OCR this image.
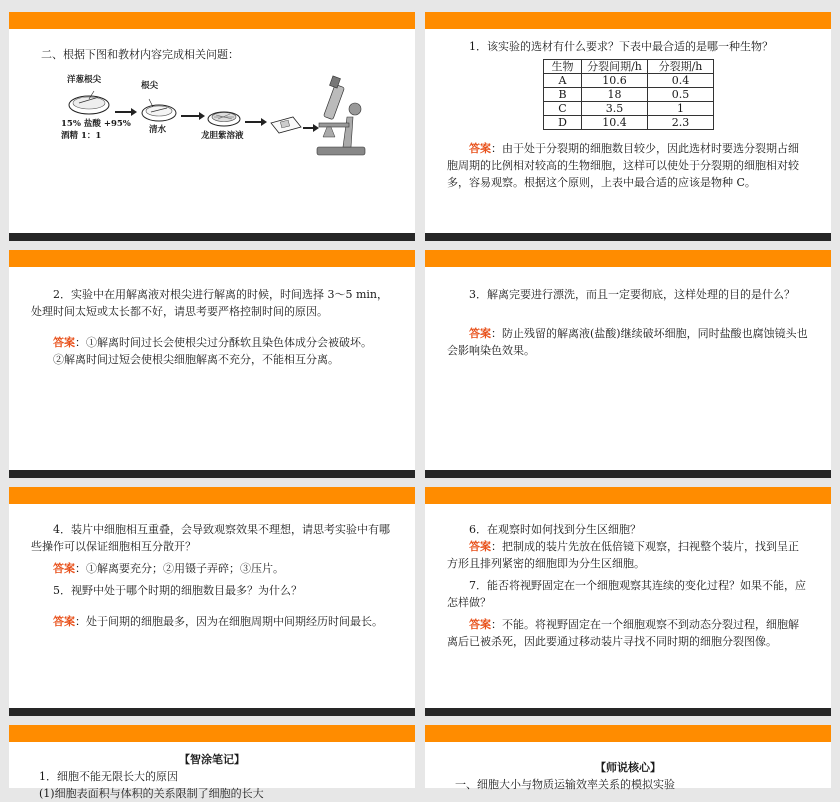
二、根据下图和教材内容完成相关问题：
洋葱根尖
根尖
15% 盐酸 +95%
酒精 1：1
清水
龙胆紫溶液
1．该实验的选材有什么要求？下表中最合适的是哪一种生物？
生物	分裂间期/h	分裂期/h
A	10.6	0.4
B	18	0.5
C	3.5	1
D	10.4	2.3
答案：由于处于分裂期的细胞数目较少，因此选材时要选分裂期占细胞周期的比例相对较高的生物细胞，这样可以使处于分裂期的细胞相对较多，容易观察。根据这个原则，上表中最合适的应该是物种 C。
2．实验中在用解离液对根尖进行解离的时候，时间选择 3～5 min，处理时间太短或太长都不好，请思考要严格控制时间的原因。
答案：①解离时间过长会使根尖过分酥软且染色体成分会被破坏。
②解离时间过短会使根尖细胞解离不充分，不能相互分离。
3．解离完要进行漂洗，而且一定要彻底，这样处理的目的是什么？
答案：防止残留的解离液(盐酸)继续破坏细胞，同时盐酸也腐蚀镜头也会影响染色效果。
4．装片中细胞相互重叠，会导致观察效果不理想，请思考实验中有哪些操作可以保证细胞相互分散开？
答案：①解离要充分；②用镊子弄碎；③压片。
5．视野中处于哪个时期的细胞数目最多？为什么？
答案：处于间期的细胞最多，因为在细胞周期中间期经历时间最长。
6．在观察时如何找到分生区细胞？
答案：把制成的装片先放在低倍镜下观察，扫视整个装片，找到呈正方形且排列紧密的细胞即为分生区细胞。
7．能否将视野固定在一个细胞观察其连续的变化过程？如果不能，应怎样做？
答案：不能。将视野固定在一个细胞观察不到动态分裂过程，细胞解离后已被杀死，因此要通过移动装片寻找不同时期的细胞分裂图像。
【智涂笔记】
1．细胞不能无限长大的原因
(1)细胞表面积与体积的关系限制了细胞的长大
【师说核心】
一、细胞大小与物质运输效率关系的模拟实验
